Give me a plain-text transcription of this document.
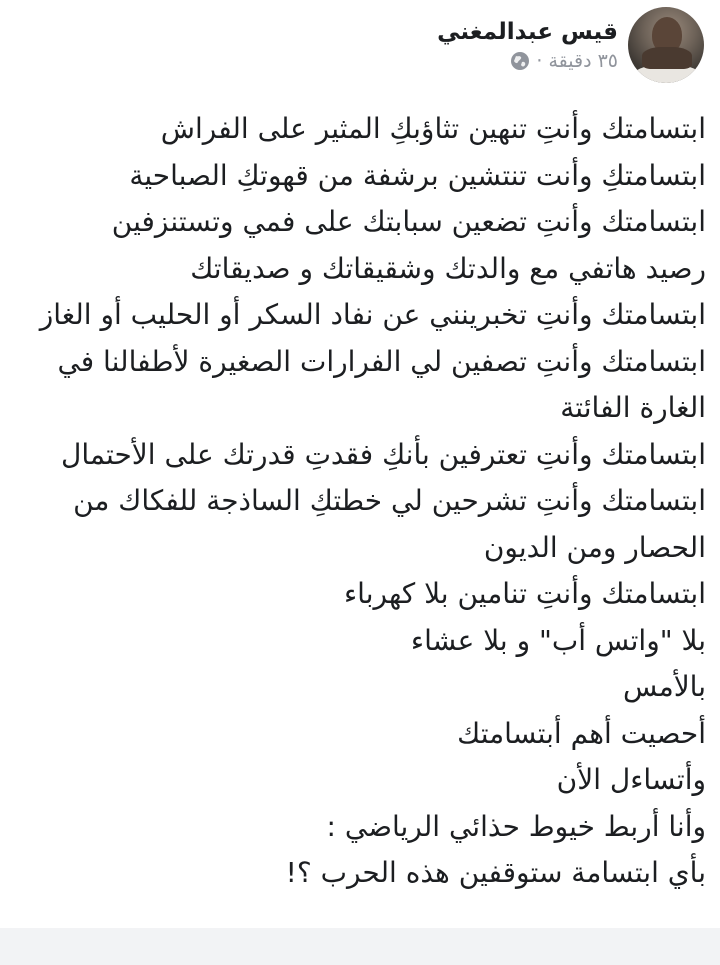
قيس عبدالمغني
٣٥ دقيقة
·
ابتسامتك وأنتِ تنهين تثاؤبكِ المثير على الفراش
ابتسامتكِ وأنت تنتشين برشفة من قهوتكِ الصباحية
ابتسامتك وأنتِ تضعين سبابتك على فمي وتستنزفين
رصيد هاتفي مع والدتك وشقيقاتك و صديقاتك
ابتسامتك وأنتِ تخبرينني عن نفاد السكر أو الحليب أو الغاز
ابتسامتك وأنتِ تصفين لي الفرارات الصغيرة لأطفالنا في الغارة الفائتة
ابتسامتك وأنتِ تعترفين بأنكِ فقدتِ قدرتك على الأحتمال
ابتسامتك وأنتِ تشرحين لي خطتكِ الساذجة للفكاك من الحصار ومن الديون
ابتسامتك وأنتِ تنامين بلا كهرباء
بلا "واتس أب" و بلا عشاء
بالأمس
أحصيت أهم أبتسامتك
وأتساءل الأن
وأنا أربط خيوط حذائي الرياضي :
بأي ابتسامة ستوقفين هذه الحرب ؟!
